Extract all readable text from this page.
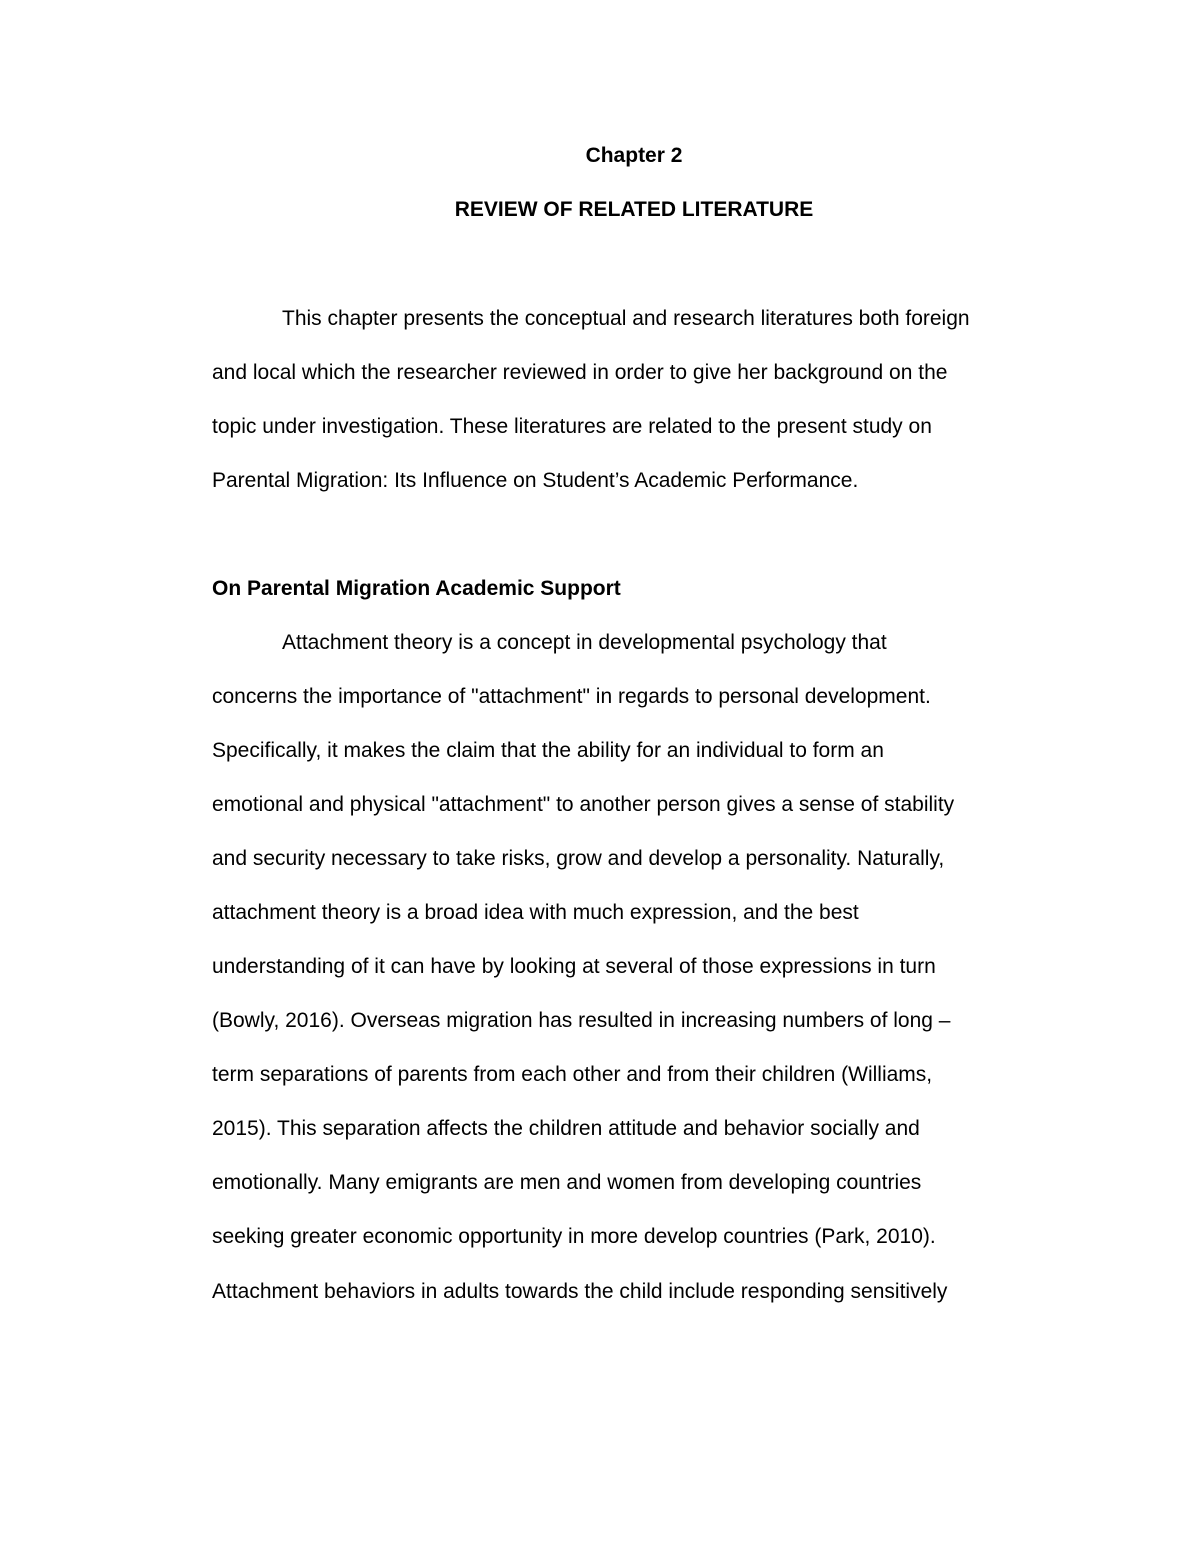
Chapter 2
REVIEW OF RELATED LITERATURE
This chapter presents the conceptual and research literatures both foreign
and local which the researcher reviewed in order to give her background on the
topic under investigation. These literatures are related to the present study on
Parental Migration: Its Influence on Student’s Academic Performance.
On Parental Migration Academic Support
Attachment theory is a concept in developmental psychology that
concerns the importance of "attachment" in regards to personal development.
Specifically, it makes the claim that the ability for an individual to form an
emotional and physical "attachment" to another person gives a sense of stability
and security necessary to take risks, grow and develop a personality. Naturally,
attachment theory is a broad idea with much expression, and the best
understanding of it can have by looking at several of those expressions in turn
(Bowly, 2016). Overseas migration has resulted in increasing numbers of long –
term separations of parents from each other and from their children (Williams,
2015). This separation affects the children attitude and behavior socially and
emotionally. Many emigrants are men and women from developing countries
seeking greater economic opportunity in more develop countries (Park, 2010).
Attachment behaviors in adults towards the child include responding sensitively
